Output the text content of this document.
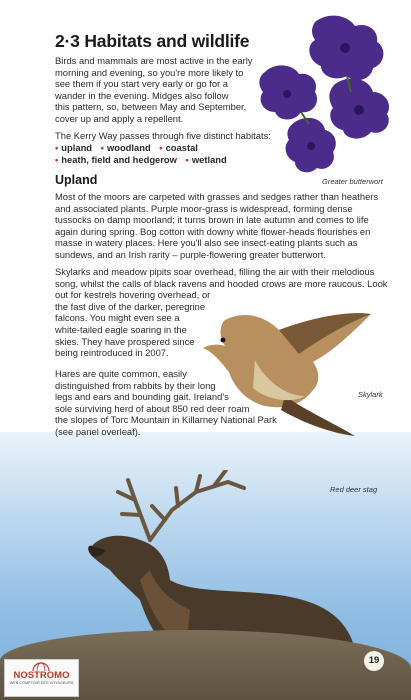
Greater butterwort
Skylark
Red deer stag
2·3 Habitats and wildlife
Birds and mammals are most active in the early
morning and evening, so you're more likely to
see them if you start very early or go for a
wander in the evening. Midges also follow
this pattern, so, between May and September,
cover up and apply a repellent.
The Kerry Way passes through five distinct habitats:
• upland • woodland • coastal
• heath, field and hedgerow • wetland
Upland
Most of the moors are carpeted with grasses and sedges rather than heathers
and associated plants. Purple moor-grass is widespread, forming dense
tussocks on damp moorland; it turns brown in late autumn and comes to life
again during spring. Bog cotton with downy white flower-heads flourishes en
masse in watery places. Here you'll also see insect-eating plants such as
sundews, and an Irish rarity – purple-flowering greater butterwort.
Skylarks and meadow pipits soar overhead, filling the air with their melodious
song, whilst the calls of black ravens and hooded crows are more raucous. Look
out for kestrels hovering overhead, or
the fast dive of the darker, peregrine
falcons. You might even see a
white-tailed eagle soaring in the
skies. They have prospered since
being reintroduced in 2007.
Hares are quite common, easily
distinguished from rabbits by their long
legs and ears and bounding gait. Ireland's
sole surviving herd of about 850 red deer roam
the slopes of Torc Mountain in Killarney National Park
(see panel overleaf).
19
NOSTROMO
WEB COMPTOIR DES VOYAGEURS
